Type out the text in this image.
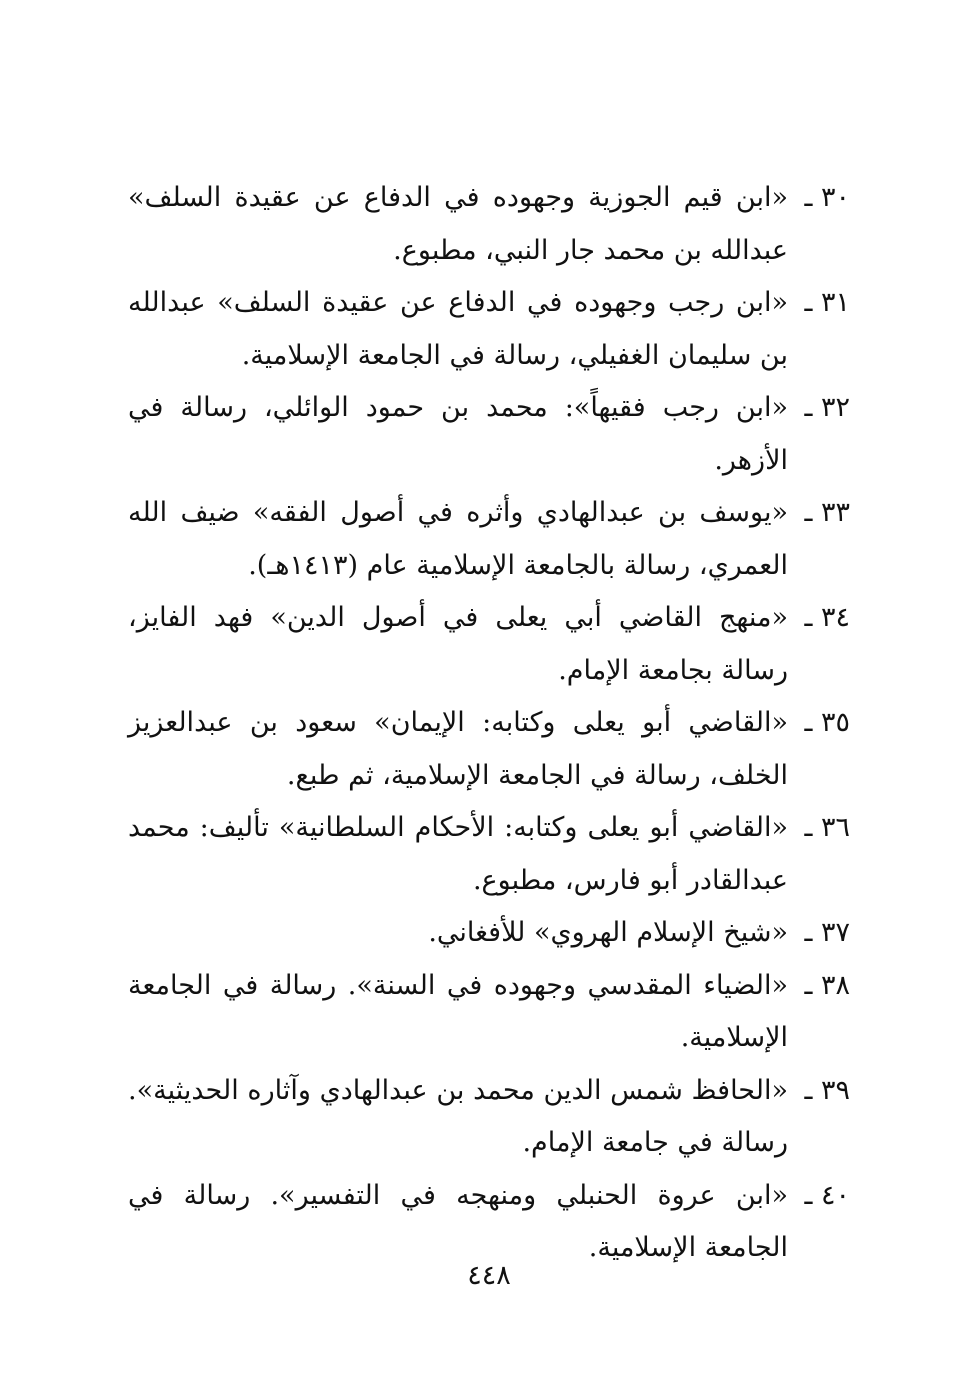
٣٠ ـ
«ابن قيم الجوزية وجهوده في الدفاع عن عقيدة السلف» عبدالله بن محمد جار النبي، مطبوع.
٣١ ـ
«ابن رجب وجهوده في الدفاع عن عقيدة السلف» عبدالله بن سليمان الغفيلي، رسالة في الجامعة الإسلامية.
٣٢ ـ
«ابن رجب فقيهاً»: محمد بن حمود الوائلي، رسالة في الأزهر.
٣٣ ـ
«يوسف بن عبدالهادي وأثره في أصول الفقه» ضيف الله العمري، رسالة بالجامعة الإسلامية عام (١٤١٣هـ).
٣٤ ـ
«منهج القاضي أبي يعلى في أصول الدين» فهد الفايز، رسالة بجامعة الإمام.
٣٥ ـ
«القاضي أبو يعلى وكتابه: الإيمان» سعود بن عبدالعزيز الخلف، رسالة في الجامعة الإسلامية، ثم طبع.
٣٦ ـ
«القاضي أبو يعلى وكتابه: الأحكام السلطانية» تأليف: محمد عبدالقادر أبو فارس، مطبوع.
٣٧ ـ
«شيخ الإسلام الهروي» للأفغاني.
٣٨ ـ
«الضياء المقدسي وجهوده في السنة». رسالة في الجامعة الإسلامية.
٣٩ ـ
«الحافظ شمس الدين محمد بن عبدالهادي وآثاره الحديثية». رسالة في جامعة الإمام.
٤٠ ـ
«ابن عروة الحنبلي ومنهجه في التفسير». رسالة في الجامعة الإسلامية.
٤٤٨
